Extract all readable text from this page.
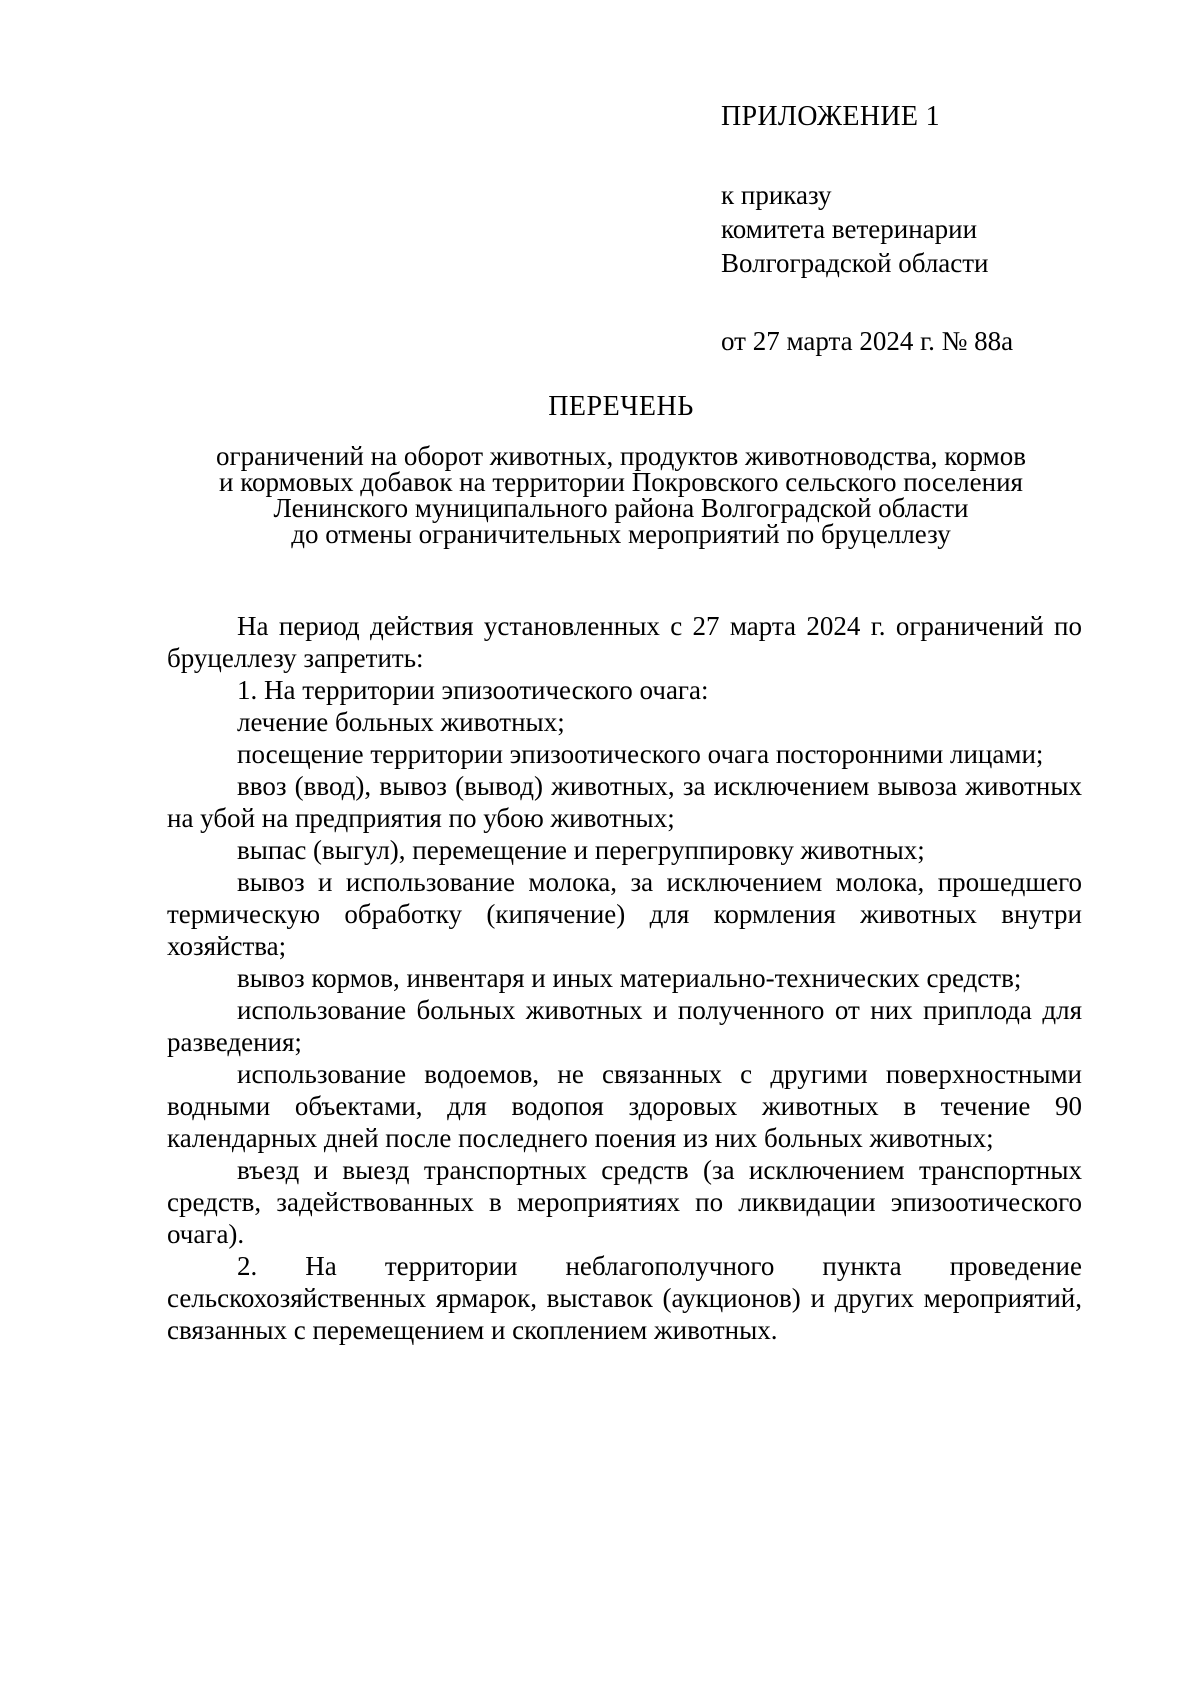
ПРИЛОЖЕНИЕ 1
к приказу
комитета ветеринарии
Волгоградской области
от 27 марта 2024 г. № 88а
ПЕРЕЧЕНЬ
ограничений на оборот животных, продуктов животноводства, кормов
и кормовых добавок на территории Покровского сельского поселения
Ленинского муниципального района Волгоградской области
до отмены ограничительных мероприятий по бруцеллезу

На период действия установленных с 27 марта 2024 г. ограничений по бруцеллезу запретить:

1. На территории эпизоотического очага:

лечение больных животных;

посещение территории эпизоотического очага посторонними лицами;

ввоз (ввод), вывоз (вывод) животных, за исключением вывоза животных на убой на предприятия по убою животных;

выпас (выгул), перемещение и перегруппировку животных;

вывоз и использование молока, за исключением молока, прошедшего термическую обработку (кипячение) для кормления животных внутри хозяйства;

вывоз кормов, инвентаря и иных материально-технических средств;

использование больных животных и полученного от них приплода для разведения;

использование водоемов, не связанных с другими поверхностными водными объектами, для водопоя здоровых животных в течение 90 календарных дней после последнего поения из них больных животных;

въезд и выезд транспортных средств (за исключением транспортных средств, задействованных в мероприятиях по ликвидации эпизоотического очага).

2. На территории неблагополучного пункта проведение сельскохозяйственных ярмарок, выставок (аукционов) и других мероприятий, связанных с перемещением и скоплением животных.
